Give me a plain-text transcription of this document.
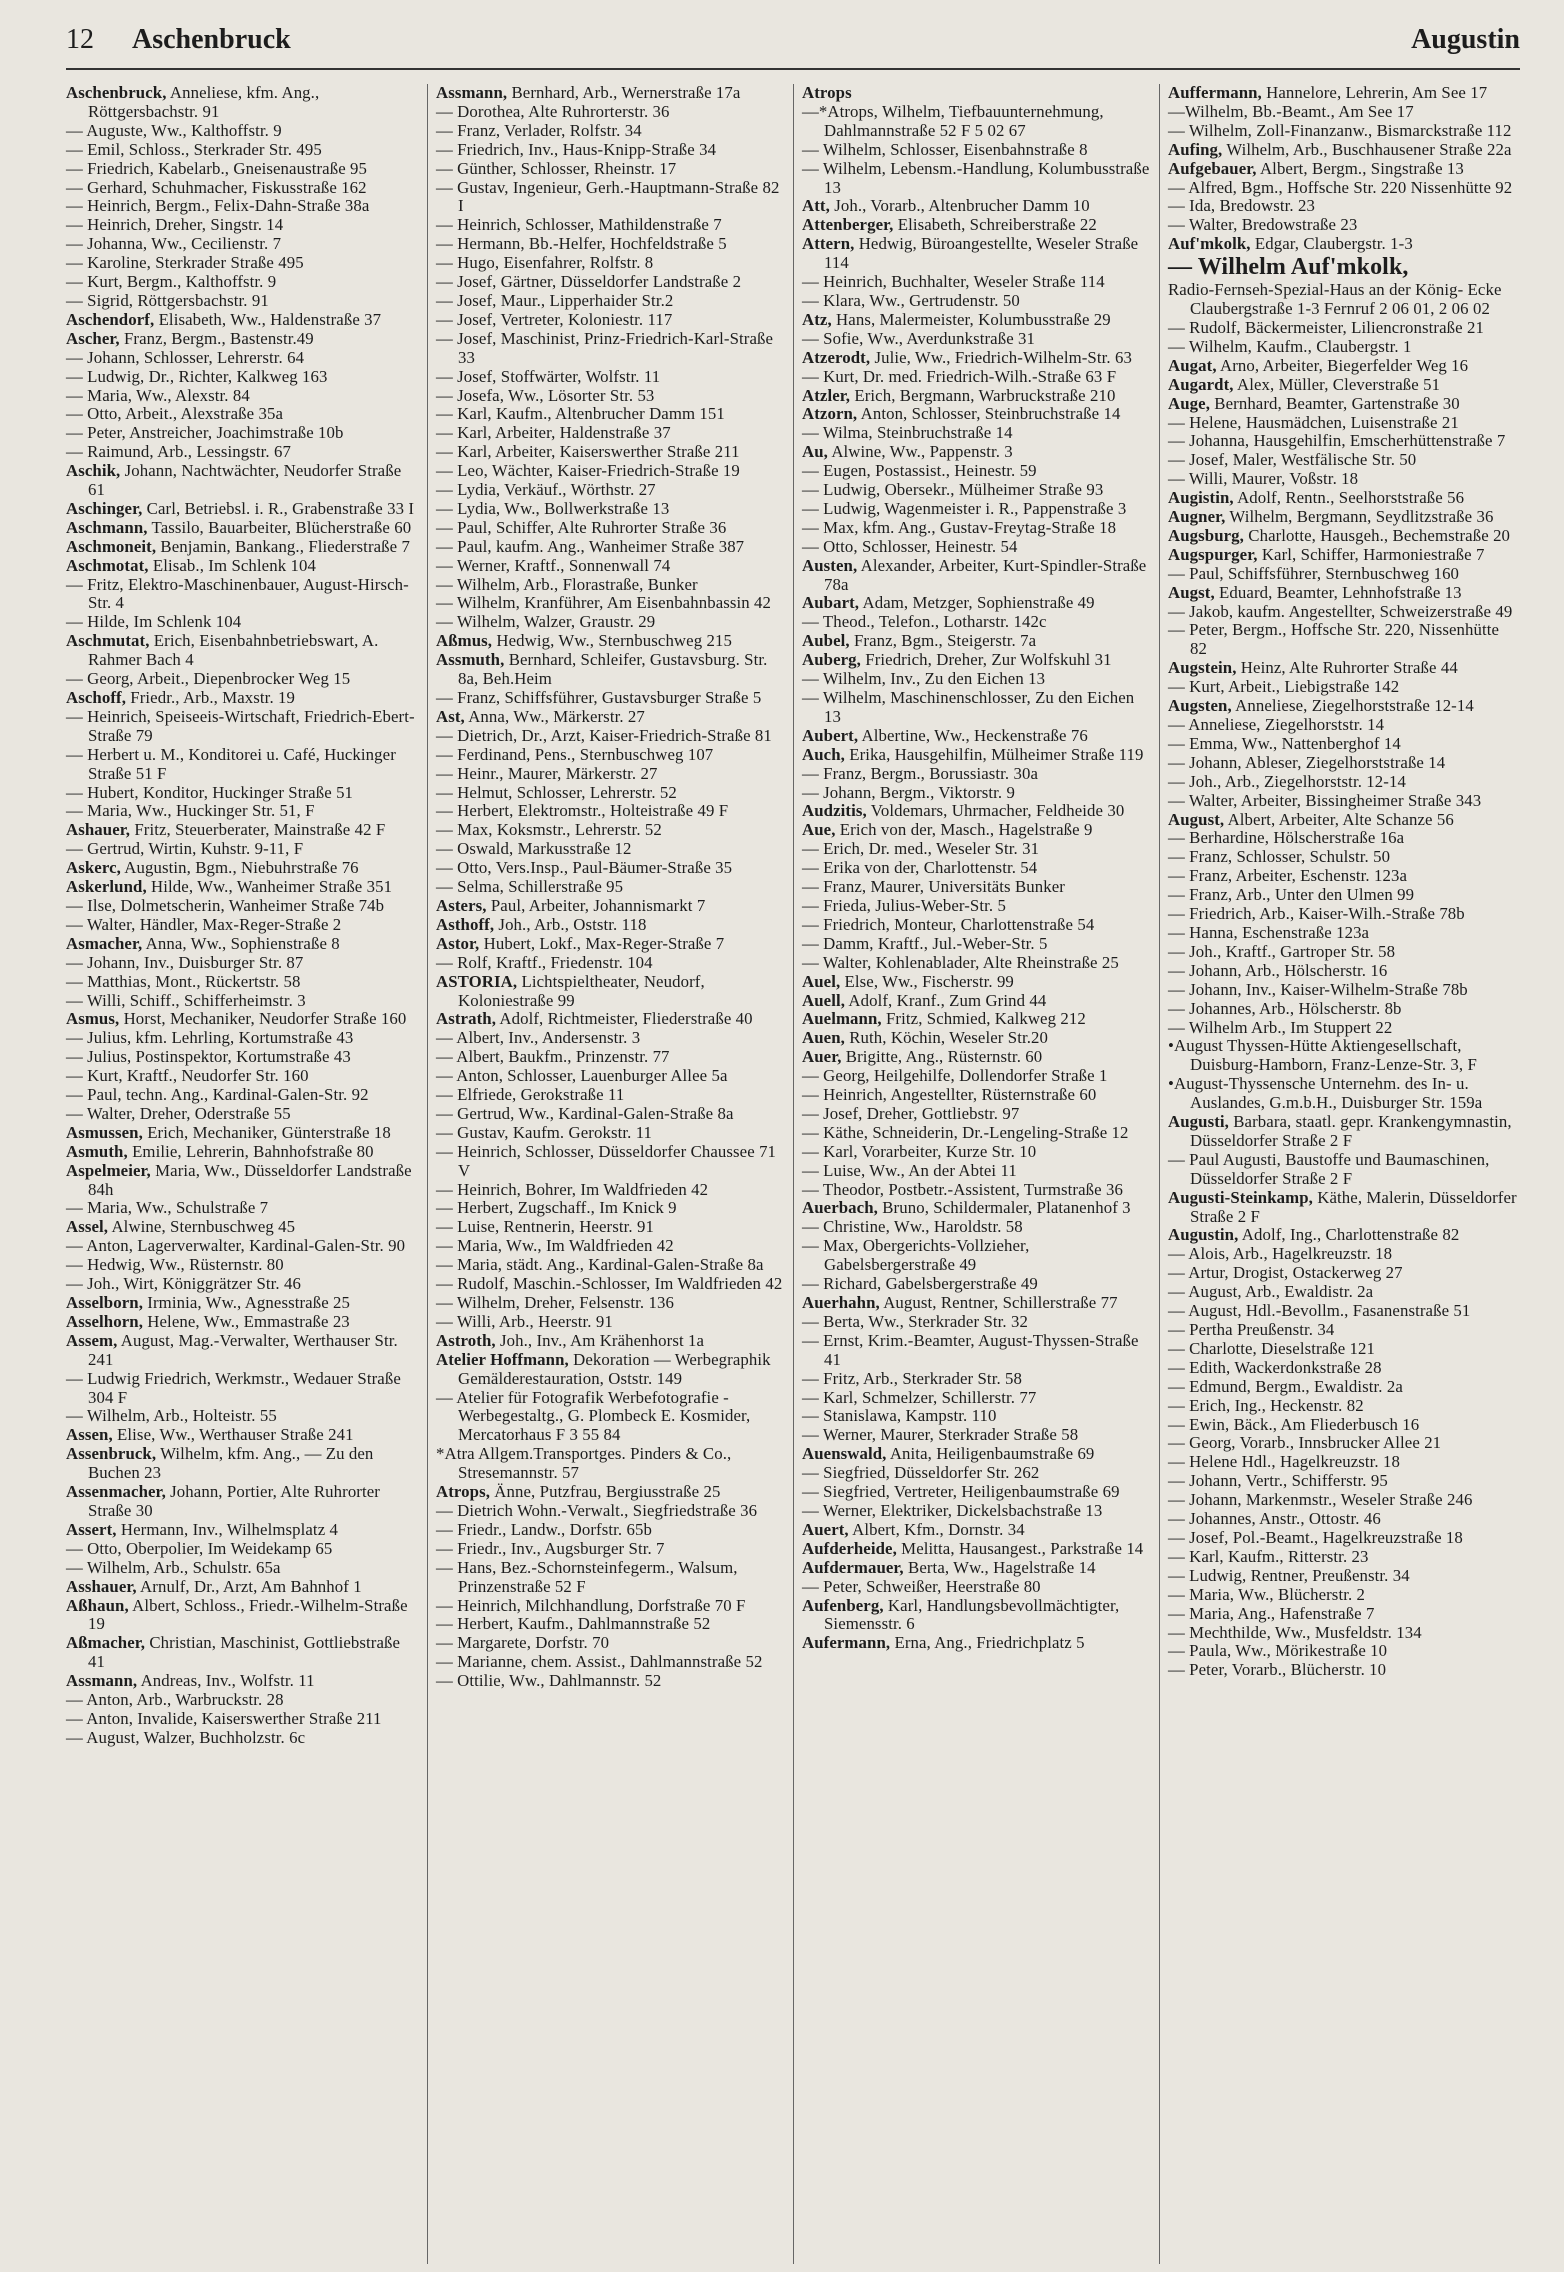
12 Aschenbruck	Augustin

Aschenbruck, Anneliese, kfm. Ang., Röttgersbachstr. 91

— Auguste, Ww., Kalthoffstr. 9

— Emil, Schloss., Sterkrader Str. 495

— Friedrich, Kabelarb., Gneisenaustraße 95

— Gerhard, Schuhmacher, Fiskusstraße 162

— Heinrich, Bergm., Felix-Dahn-Straße 38a

— Heinrich, Dreher, Singstr. 14

— Johanna, Ww., Cecilienstr. 7

— Karoline, Sterkrader Straße 495

— Kurt, Bergm., Kalthoffstr. 9

— Sigrid, Röttgersbachstr. 91

Aschendorf, Elisabeth, Ww., Haldenstraße 37

Ascher, Franz, Bergm., Bastenstr.49

— Johann, Schlosser, Lehrerstr. 64

— Ludwig, Dr., Richter, Kalkweg 163

— Maria, Ww., Alexstr. 84

— Otto, Arbeit., Alexstraße 35a

— Peter, Anstreicher, Joachimstraße 10b

— Raimund, Arb., Lessingstr. 67

Aschik, Johann, Nachtwächter, Neudorfer Straße 61

Aschinger, Carl, Betriebsl. i. R., Grabenstraße 33 I

Aschmann, Tassilo, Bauarbeiter, Blücherstraße 60

Aschmoneit, Benjamin, Bankang., Fliederstraße 7

Aschmotat, Elisab., Im Schlenk 104

— Fritz, Elektro-Maschinenbauer, August-Hirsch-Str. 4

— Hilde, Im Schlenk 104

Aschmutat, Erich, Eisenbahnbetriebswart, A. Rahmer Bach 4

— Georg, Arbeit., Diepenbrocker Weg 15

Aschoff, Friedr., Arb., Maxstr. 19

— Heinrich, Speiseeis-Wirtschaft, Friedrich-Ebert-Straße 79

— Herbert u. M., Konditorei u. Café, Huckinger Straße 51 F

— Hubert, Konditor, Huckinger Straße 51

— Maria, Ww., Huckinger Str. 51, F

Ashauer, Fritz, Steuerberater, Mainstraße 42 F

— Gertrud, Wirtin, Kuhstr. 9-11, F

Askerc, Augustin, Bgm., Niebuhrstraße 76

Askerlund, Hilde, Ww., Wanheimer Straße 351

— Ilse, Dolmetscherin, Wanheimer Straße 74b

— Walter, Händler, Max-Reger-Straße 2

Asmacher, Anna, Ww., Sophienstraße 8

— Johann, Inv., Duisburger Str. 87

— Matthias, Mont., Rückertstr. 58

— Willi, Schiff., Schifferheimstr. 3

Asmus, Horst, Mechaniker, Neudorfer Straße 160

— Julius, kfm. Lehrling, Kortumstraße 43

— Julius, Postinspektor, Kortumstraße 43

— Kurt, Kraftf., Neudorfer Str. 160

— Paul, techn. Ang., Kardinal-Galen-Str. 92

— Walter, Dreher, Oderstraße 55

Asmussen, Erich, Mechaniker, Günterstraße 18

Asmuth, Emilie, Lehrerin, Bahnhofstraße 80

Aspelmeier, Maria, Ww., Düsseldorfer Landstraße 84h

— Maria, Ww., Schulstraße 7

Assel, Alwine, Sternbuschweg 45

— Anton, Lagerverwalter, Kardinal-Galen-Str. 90

— Hedwig, Ww., Rüsternstr. 80

— Joh., Wirt, Königgrätzer Str. 46

Asselborn, Irminia, Ww., Agnesstraße 25

Asselhorn, Helene, Ww., Emmastraße 23

Assem, August, Mag.-Verwalter, Werthauser Str. 241

— Ludwig Friedrich, Werkmstr., Wedauer Straße 304 F

— Wilhelm, Arb., Holteistr. 55

Assen, Elise, Ww., Werthauser Straße 241

Assenbruck, Wilhelm, kfm. Ang., — Zu den Buchen 23

Assenmacher, Johann, Portier, Alte Ruhrorter Straße 30

Assert, Hermann, Inv., Wilhelmsplatz 4

— Otto, Oberpolier, Im Weidekamp 65

— Wilhelm, Arb., Schulstr. 65a

Asshauer, Arnulf, Dr., Arzt, Am Bahnhof 1

Aßhaun, Albert, Schloss., Friedr.-Wilhelm-Straße 19

Aßmacher, Christian, Maschinist, Gottliebstraße 41

Assmann, Andreas, Inv., Wolfstr. 11

— Anton, Arb., Warbruckstr. 28

— Anton, Invalide, Kaiserswerther Straße 211

— August, Walzer, Buchholzstr. 6c

Assmann, Bernhard, Arb., Wernerstraße 17a

— Dorothea, Alte Ruhrorterstr. 36

— Franz, Verlader, Rolfstr. 34

— Friedrich, Inv., Haus-Knipp-Straße 34

— Günther, Schlosser, Rheinstr. 17

— Gustav, Ingenieur, Gerh.-Hauptmann-Straße 82 I

— Heinrich, Schlosser, Mathildenstraße 7

— Hermann, Bb.-Helfer, Hochfeldstraße 5

— Hugo, Eisenfahrer, Rolfstr. 8

— Josef, Gärtner, Düsseldorfer Landstraße 2

— Josef, Maur., Lipperhaider Str.2

— Josef, Vertreter, Koloniestr. 117

— Josef, Maschinist, Prinz-Friedrich-Karl-Straße 33

— Josef, Stoffwärter, Wolfstr. 11

— Josefa, Ww., Lösorter Str. 53

— Karl, Kaufm., Altenbrucher Damm 151

— Karl, Arbeiter, Haldenstraße 37

— Karl, Arbeiter, Kaiserswerther Straße 211

— Leo, Wächter, Kaiser-Friedrich-Straße 19

— Lydia, Verkäuf., Wörthstr. 27

— Lydia, Ww., Bollwerkstraße 13

— Paul, Schiffer, Alte Ruhrorter Straße 36

— Paul, kaufm. Ang., Wanheimer Straße 387

— Werner, Kraftf., Sonnenwall 74

— Wilhelm, Arb., Florastraße, Bunker

— Wilhelm, Kranführer, Am Eisenbahnbassin 42

— Wilhelm, Walzer, Graustr. 29

Aßmus, Hedwig, Ww., Sternbuschweg 215

Assmuth, Bernhard, Schleifer, Gustavsburg. Str. 8a, Beh.Heim

— Franz, Schiffsführer, Gustavsburger Straße 5

Ast, Anna, Ww., Märkerstr. 27

— Dietrich, Dr., Arzt, Kaiser-Friedrich-Straße 81

— Ferdinand, Pens., Sternbuschweg 107

— Heinr., Maurer, Märkerstr. 27

— Helmut, Schlosser, Lehrerstr. 52

— Herbert, Elektromstr., Holteistraße 49 F

— Max, Koksmstr., Lehrerstr. 52

— Oswald, Markusstraße 12

— Otto, Vers.Insp., Paul-Bäumer-Straße 35

— Selma, Schillerstraße 95

Asters, Paul, Arbeiter, Johannismarkt 7

Asthoff, Joh., Arb., Oststr. 118

Astor, Hubert, Lokf., Max-Reger-Straße 7

— Rolf, Kraftf., Friedenstr. 104

ASTORIA, Lichtspieltheater, Neudorf, Koloniestraße 99

Astrath, Adolf, Richtmeister, Fliederstraße 40

— Albert, Inv., Andersenstr. 3

— Albert, Baukfm., Prinzenstr. 77

— Anton, Schlosser, Lauenburger Allee 5a

— Elfriede, Gerokstraße 11

— Gertrud, Ww., Kardinal-Galen-Straße 8a

— Gustav, Kaufm. Gerokstr. 11

— Heinrich, Schlosser, Düsseldorfer Chaussee 71 V

— Heinrich, Bohrer, Im Waldfrieden 42

— Herbert, Zugschaff., Im Knick 9

— Luise, Rentnerin, Heerstr. 91

— Maria, Ww., Im Waldfrieden 42

— Maria, städt. Ang., Kardinal-Galen-Straße 8a

— Rudolf, Maschin.-Schlosser, Im Waldfrieden 42

— Wilhelm, Dreher, Felsenstr. 136

— Willi, Arb., Heerstr. 91

Astroth, Joh., Inv., Am Krähenhorst 1a

Atelier Hoffmann, Dekoration — Werbegraphik Gemälderestauration, Oststr. 149

— Atelier für Fotografik Werbefotografie - Werbegestaltg., G. Plombeck E. Kosmider, Mercatorhaus F 3 55 84

*Atra Allgem.Transportges. Pinders & Co., Stresemannstr. 57

Atrops, Änne, Putzfrau, Bergiusstraße 25

— Dietrich Wohn.-Verwalt., Siegfriedstraße 36

— Friedr., Landw., Dorfstr. 65b

— Friedr., Inv., Augsburger Str. 7

— Hans, Bez.-Schornsteinfegerm., Walsum, Prinzenstraße 52 F

— Heinrich, Milchhandlung, Dorfstraße 70 F

— Herbert, Kaufm., Dahlmannstraße 52

— Margarete, Dorfstr. 70

— Marianne, chem. Assist., Dahlmannstraße 52

— Ottilie, Ww., Dahlmannstr. 52

Atrops

—*Atrops, Wilhelm, Tiefbauunternehmung, Dahlmannstraße 52 F 5 02 67

— Wilhelm, Schlosser, Eisenbahnstraße 8

— Wilhelm, Lebensm.-Handlung, Kolumbusstraße 13

Att, Joh., Vorarb., Altenbrucher Damm 10

Attenberger, Elisabeth, Schreiberstraße 22

Attern, Hedwig, Büroangestellte, Weseler Straße 114

— Heinrich, Buchhalter, Weseler Straße 114

— Klara, Ww., Gertrudenstr. 50

Atz, Hans, Malermeister, Kolumbusstraße 29

— Sofie, Ww., Averdunkstraße 31

Atzerodt, Julie, Ww., Friedrich-Wilhelm-Str. 63

— Kurt, Dr. med. Friedrich-Wilh.-Straße 63 F

Atzler, Erich, Bergmann, Warbruckstraße 210

Atzorn, Anton, Schlosser, Steinbruchstraße 14

— Wilma, Steinbruchstraße 14

Au, Alwine, Ww., Pappenstr. 3

— Eugen, Postassist., Heinestr. 59

— Ludwig, Obersekr., Mülheimer Straße 93

— Ludwig, Wagenmeister i. R., Pappenstraße 3

— Max, kfm. Ang., Gustav-Freytag-Straße 18

— Otto, Schlosser, Heinestr. 54

Austen, Alexander, Arbeiter, Kurt-Spindler-Straße 78a

Aubart, Adam, Metzger, Sophienstraße 49

— Theod., Telefon., Lotharstr. 142c

Aubel, Franz, Bgm., Steigerstr. 7a

Auberg, Friedrich, Dreher, Zur Wolfskuhl 31

— Wilhelm, Inv., Zu den Eichen 13

— Wilhelm, Maschinenschlosser, Zu den Eichen 13

Aubert, Albertine, Ww., Heckenstraße 76

Auch, Erika, Hausgehilfin, Mülheimer Straße 119

— Franz, Bergm., Borussiastr. 30a

— Johann, Bergm., Viktorstr. 9

Audzitis, Voldemars, Uhrmacher, Feldheide 30

Aue, Erich von der, Masch., Hagelstraße 9

— Erich, Dr. med., Weseler Str. 31

— Erika von der, Charlottenstr. 54

— Franz, Maurer, Universitäts Bunker

— Frieda, Julius-Weber-Str. 5

— Friedrich, Monteur, Charlottenstraße 54

— Damm, Kraftf., Jul.-Weber-Str. 5

— Walter, Kohlenablader, Alte Rheinstraße 25

Auel, Else, Ww., Fischerstr. 99

Auell, Adolf, Kranf., Zum Grind 44

Auelmann, Fritz, Schmied, Kalkweg 212

Auen, Ruth, Köchin, Weseler Str.20

Auer, Brigitte, Ang., Rüsternstr. 60

— Georg, Heilgehilfe, Dollendorfer Straße 1

— Heinrich, Angestellter, Rüsternstraße 60

— Josef, Dreher, Gottliebstr. 97

— Käthe, Schneiderin, Dr.-Lengeling-Straße 12

— Karl, Vorarbeiter, Kurze Str. 10

— Luise, Ww., An der Abtei 11

— Theodor, Postbetr.-Assistent, Turmstraße 36

Auerbach, Bruno, Schildermaler, Platanenhof 3

— Christine, Ww., Haroldstr. 58

— Max, Obergerichts-Vollzieher, Gabelsbergerstraße 49

— Richard, Gabelsbergerstraße 49

Auerhahn, August, Rentner, Schillerstraße 77

— Berta, Ww., Sterkrader Str. 32

— Ernst, Krim.-Beamter, August-Thyssen-Straße 41

— Fritz, Arb., Sterkrader Str. 58

— Karl, Schmelzer, Schillerstr. 77

— Stanislawa, Kampstr. 110

— Werner, Maurer, Sterkrader Straße 58

Auenswald, Anita, Heiligenbaumstraße 69

— Siegfried, Düsseldorfer Str. 262

— Siegfried, Vertreter, Heiligenbaumstraße 69

— Werner, Elektriker, Dickelsbachstraße 13

Auert, Albert, Kfm., Dornstr. 34

Aufderheide, Melitta, Hausangest., Parkstraße 14

Aufdermauer, Berta, Ww., Hagelstraße 14

— Peter, Schweißer, Heerstraße 80

Aufenberg, Karl, Handlungsbevollmächtigter, Siemensstr. 6

Aufermann, Erna, Ang., Friedrichplatz 5

Auffermann, Hannelore, Lehrerin, Am See 17

—Wilhelm, Bb.-Beamt., Am See 17

— Wilhelm, Zoll-Finanzanw., Bismarckstraße 112

Aufing, Wilhelm, Arb., Buschhausener Straße 22a

Aufgebauer, Albert, Bergm., Singstraße 13

— Alfred, Bgm., Hoffsche Str. 220 Nissenhütte 92

— Ida, Bredowstr. 23

— Walter, Bredowstraße 23

Auf'mkolk, Edgar, Claubergstr. 1-3

— Wilhelm Auf'mkolk,

Radio-Fernseh-Spezial-Haus an der König- Ecke Claubergstraße 1-3 Fernruf 2 06 01, 2 06 02

— Rudolf, Bäckermeister, Liliencronstraße 21

— Wilhelm, Kaufm., Claubergstr. 1

Augat, Arno, Arbeiter, Biegerfelder Weg 16

Augardt, Alex, Müller, Cleverstraße 51

Auge, Bernhard, Beamter, Gartenstraße 30

— Helene, Hausmädchen, Luisenstraße 21

— Johanna, Hausgehilfin, Emscherhüttenstraße 7

— Josef, Maler, Westfälische Str. 50

— Willi, Maurer, Voßstr. 18

Augistin, Adolf, Rentn., Seelhorststraße 56

Augner, Wilhelm, Bergmann, Seydlitzstraße 36

Augsburg, Charlotte, Hausgeh., Bechemstraße 20

Augspurger, Karl, Schiffer, Harmoniestraße 7

— Paul, Schiffsführer, Sternbuschweg 160

Augst, Eduard, Beamter, Lehnhofstraße 13

— Jakob, kaufm. Angestellter, Schweizerstraße 49

— Peter, Bergm., Hoffsche Str. 220, Nissenhütte 82

Augstein, Heinz, Alte Ruhrorter Straße 44

— Kurt, Arbeit., Liebigstraße 142

Augsten, Anneliese, Ziegelhorststraße 12-14

— Anneliese, Ziegelhorststr. 14

— Emma, Ww., Nattenberghof 14

— Johann, Ableser, Ziegelhorststraße 14

— Joh., Arb., Ziegelhorststr. 12-14

— Walter, Arbeiter, Bissingheimer Straße 343

August, Albert, Arbeiter, Alte Schanze 56

— Berhardine, Hölscherstraße 16a

— Franz, Schlosser, Schulstr. 50

— Franz, Arbeiter, Eschenstr. 123a

— Franz, Arb., Unter den Ulmen 99

— Friedrich, Arb., Kaiser-Wilh.-Straße 78b

— Hanna, Eschenstraße 123a

— Joh., Kraftf., Gartroper Str. 58

— Johann, Arb., Hölscherstr. 16

— Johann, Inv., Kaiser-Wilhelm-Straße 78b

— Johannes, Arb., Hölscherstr. 8b

— Wilhelm Arb., Im Stuppert 22

•August Thyssen-Hütte Aktiengesellschaft, Duisburg-Hamborn, Franz-Lenze-Str. 3, F

•August-Thyssensche Unternehm. des In- u. Auslandes, G.m.b.H., Duisburger Str. 159a

Augusti, Barbara, staatl. gepr. Krankengymnastin, Düsseldorfer Straße 2 F

— Paul Augusti, Baustoffe und Baumaschinen, Düsseldorfer Straße 2 F

Augusti-Steinkamp, Käthe, Malerin, Düsseldorfer Straße 2 F

Augustin, Adolf, Ing., Charlottenstraße 82

— Alois, Arb., Hagelkreuzstr. 18

— Artur, Drogist, Ostackerweg 27

— August, Arb., Ewaldistr. 2a

— August, Hdl.-Bevollm., Fasanenstraße 51

— Pertha Preußenstr. 34

— Charlotte, Dieselstraße 121

— Edith, Wackerdonkstraße 28

— Edmund, Bergm., Ewaldistr. 2a

— Erich, Ing., Heckenstr. 82

— Ewin, Bäck., Am Fliederbusch 16

— Georg, Vorarb., Innsbrucker Allee 21

— Helene Hdl., Hagelkreuzstr. 18

— Johann, Vertr., Schifferstr. 95

— Johann, Markenmstr., Weseler Straße 246

— Johannes, Anstr., Ottostr. 46

— Josef, Pol.-Beamt., Hagelkreuzstraße 18

— Karl, Kaufm., Ritterstr. 23

— Ludwig, Rentner, Preußenstr. 34

— Maria, Ww., Blücherstr. 2

— Maria, Ang., Hafenstraße 7

— Mechthilde, Ww., Musfeldstr. 134

— Paula, Ww., Mörikestraße 10

— Peter, Vorarb., Blücherstr. 10
